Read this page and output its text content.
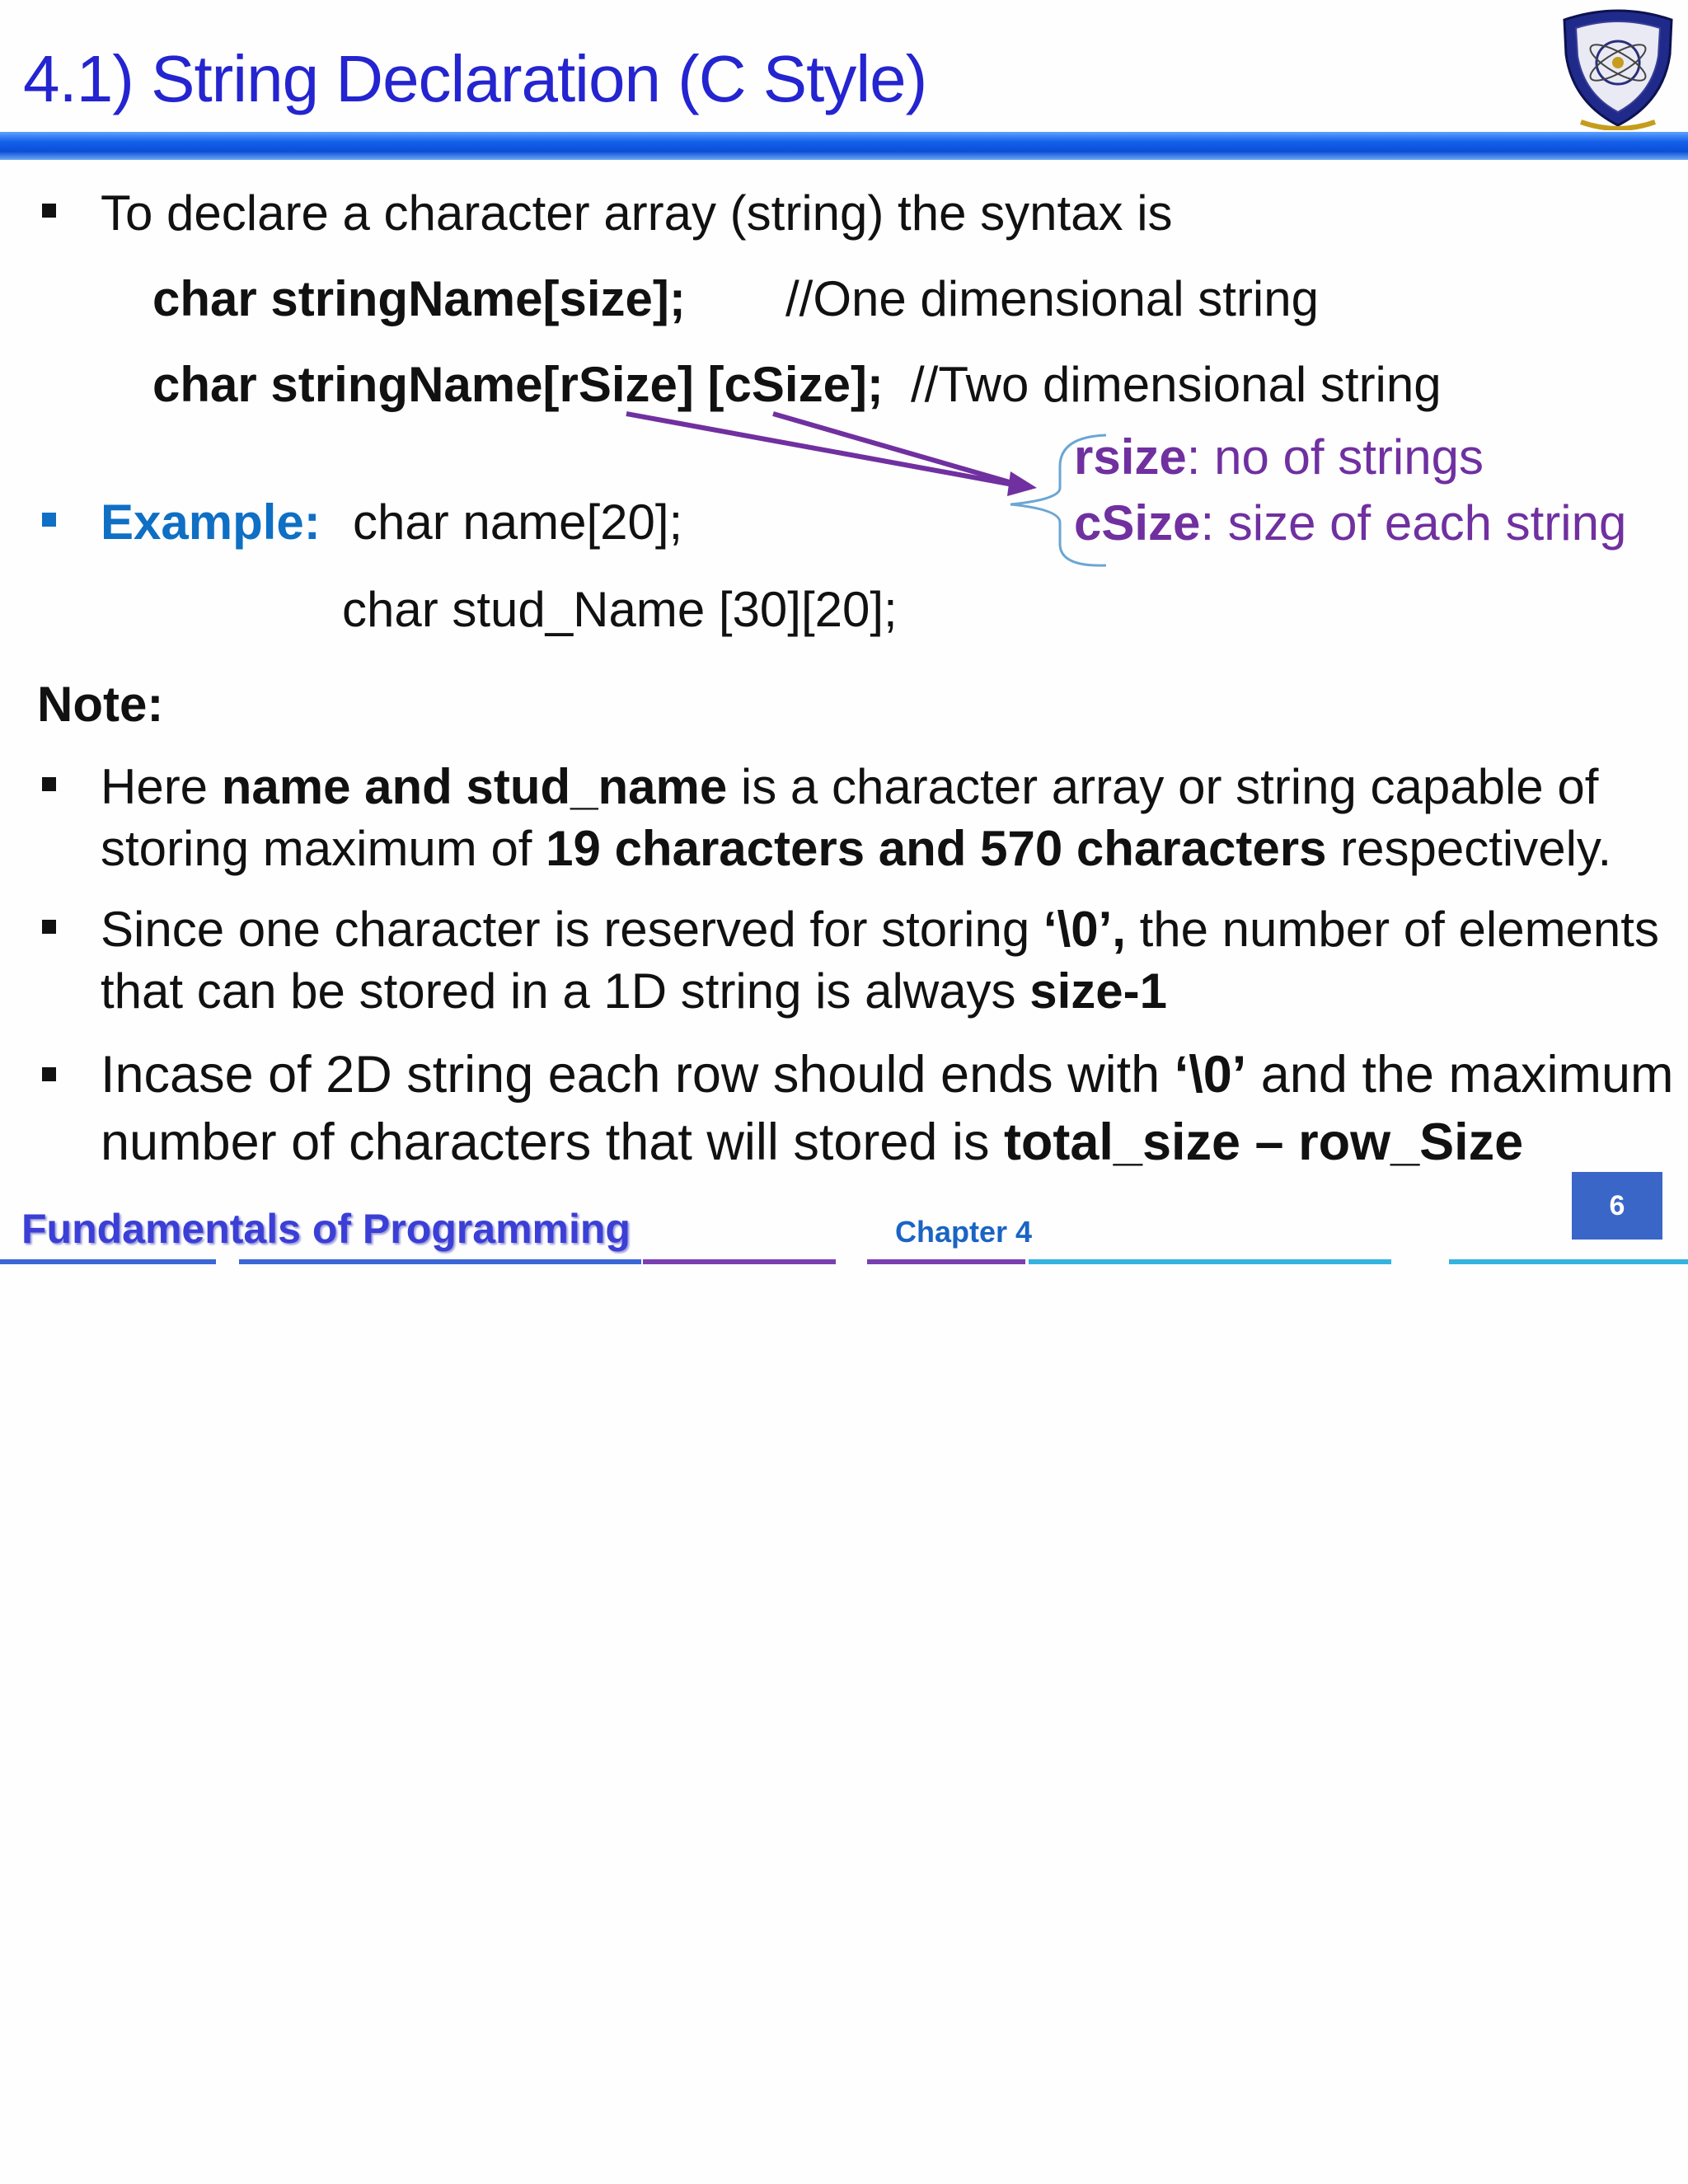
4.1) String Declaration (C Style)
To declare a character array (string) the syntax is
char stringName[size]; //One dimensional string
char stringName[rSize] [cSize]; //Two dimensional string
rsize: no of strings
cSize: size of each string
Example: char name[20];
char stud_Name [30][20];
Note:
Here name and stud_name is a character array or string capable of
storing maximum of 19 characters and 570 characters respectively.
Since one character is reserved for storing ‘\0’, the number of elements
that can be stored in a 1D string is always size-1
Incase of 2D string each row should ends with ‘\0’ and the maximum
number of characters that will stored is total_size – row_Size
Fundamentals of Programming	Chapter 4
6
